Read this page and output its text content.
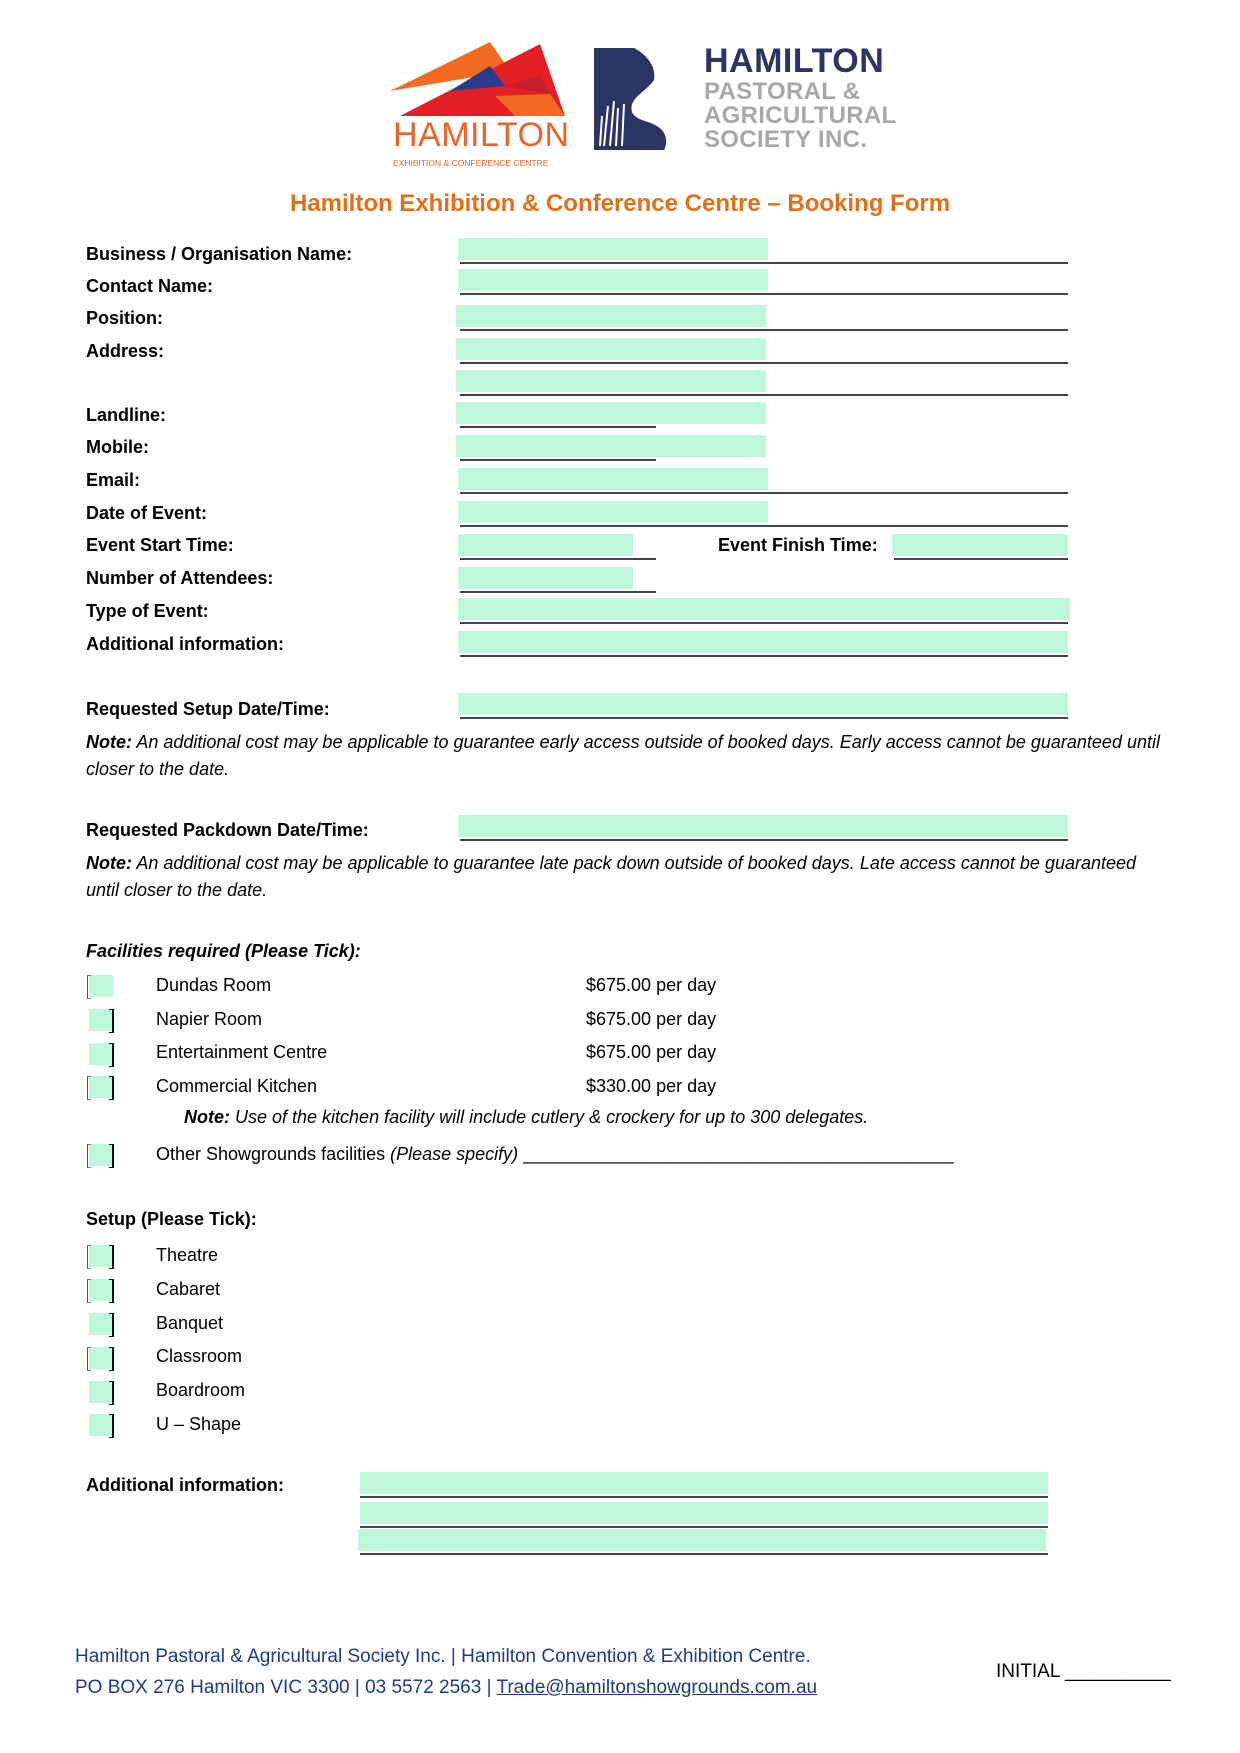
HAMILTON
EXHIBITION & CONFERENCE CENTRE
HAMILTON
PASTORAL &
AGRICULTURAL
SOCIETY INC.
Hamilton Exhibition & Conference Centre – Booking Form
Business / Organisation Name:
Contact Name:
Position:
Address:
Landline:
Mobile:
Email:
Date of Event:
Event Start Time:	Event Finish Time:
Number of Attendees:
Type of Event:
Additional information:
Requested Setup Date/Time:
Note: An additional cost may be applicable to guarantee early access outside of booked days. Early access cannot be guaranteed until closer to the date.
Requested Packdown Date/Time:
Note: An additional cost may be applicable to guarantee late pack down outside of booked days. Late access cannot be guaranteed until closer to the date.
Facilities required (Please Tick):
Dundas Room	$675.00 per day
Napier Room	$675.00 per day
Entertainment Centre	$675.00 per day
Commercial Kitchen	$330.00 per day
Note: Use of the kitchen facility will include cutlery & crockery for up to 300 delegates.
Other Showgrounds facilities (Please specify) ___________________________________________
Setup (Please Tick):
Theatre
Cabaret
Banquet
Classroom
Boardroom
U – Shape
Additional information:
Hamilton Pastoral & Agricultural Society Inc. | Hamilton Convention & Exhibition Centre.
PO BOX 276 Hamilton VIC 3300 | 03 5572 2563 | Trade@hamiltonshowgrounds.com.au
INITIAL __________
